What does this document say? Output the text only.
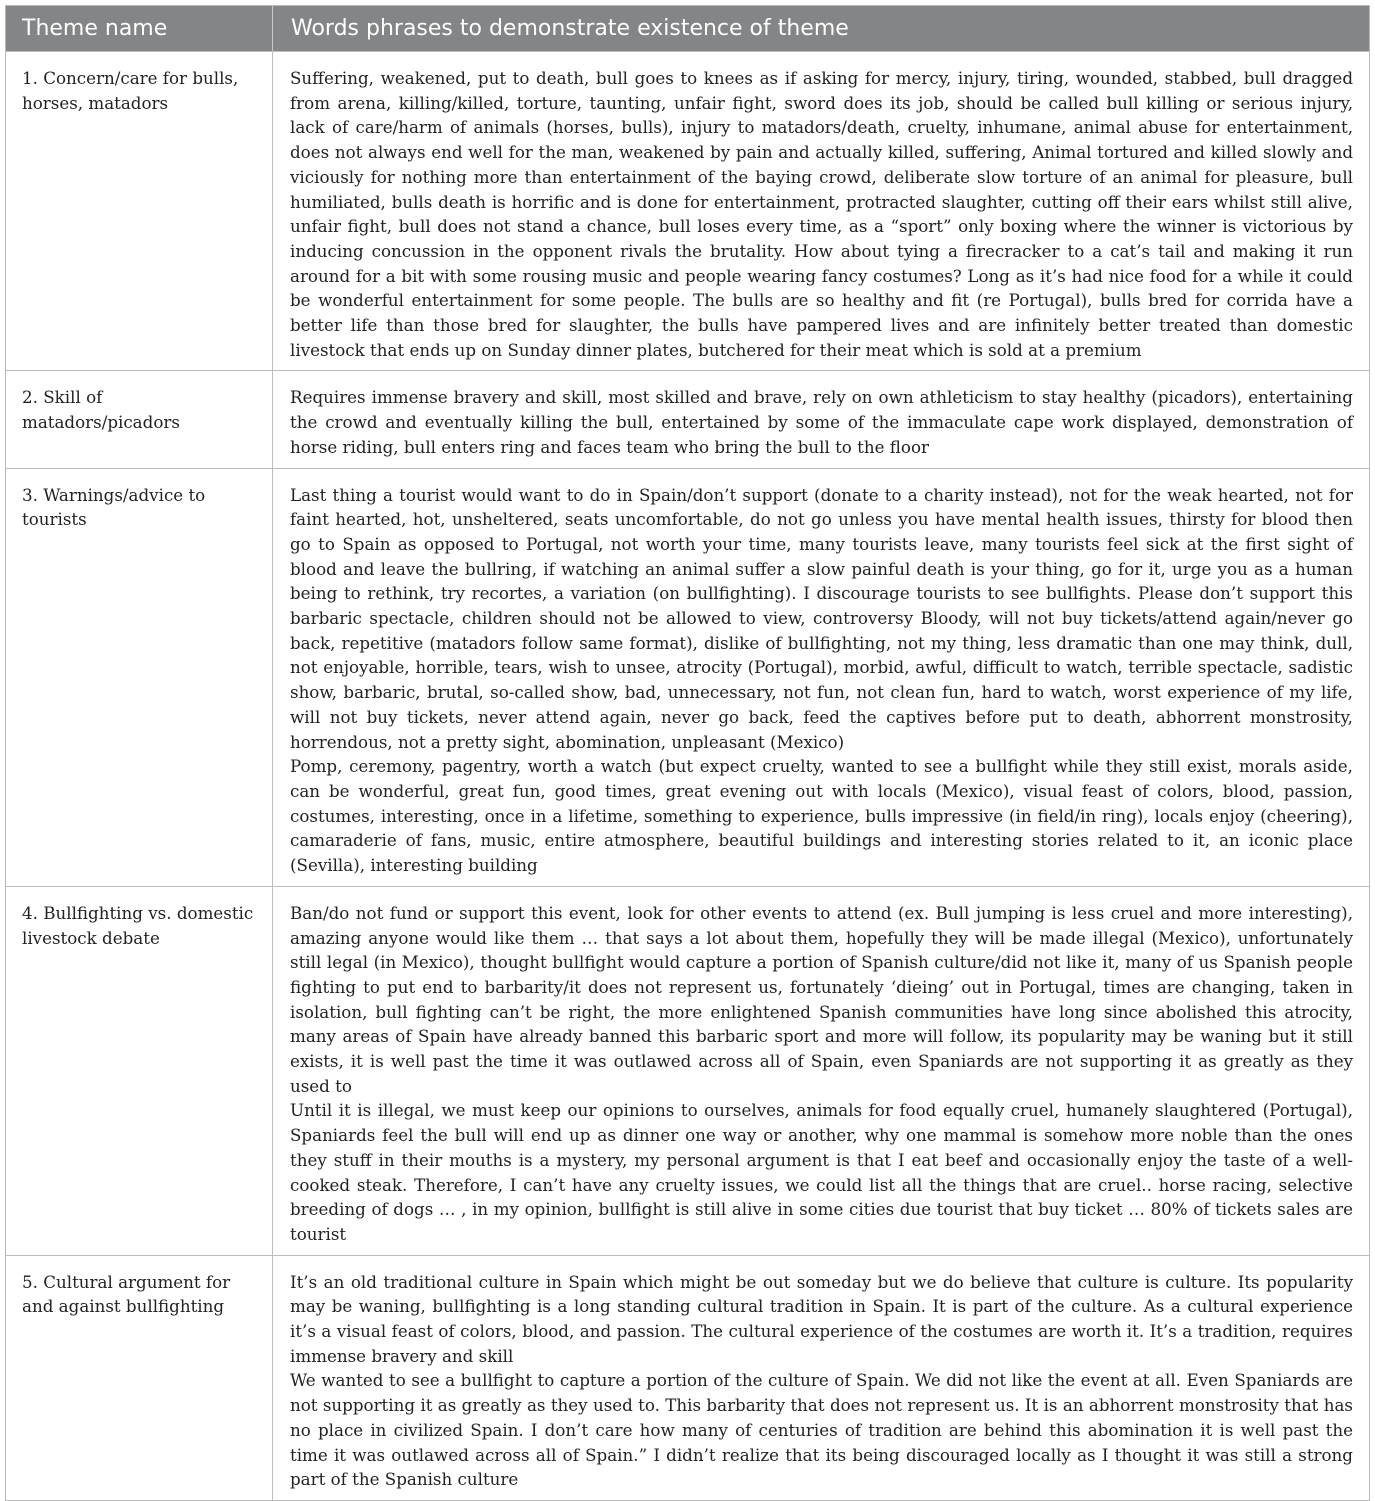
Theme name	Words phrases to demonstrate existence of theme
1. Concern/care for bulls, horses, matadors
Suffering, weakened, put to death, bull goes to knees as if asking for mercy, injury, tiring, wounded, stabbed, bull dragged from arena, killing/killed, torture, taunting, unfair fight, sword does its job, should be called bull killing or serious injury, lack of care/harm of animals (horses, bulls), injury to matadors/death, cruelty, inhumane, animal abuse for entertainment, does not always end well for the man, weakened by pain and actually killed, suffering, Animal tortured and killed slowly and viciously for nothing more than entertainment of the baying crowd, deliberate slow torture of an animal for pleasure, bull humiliated, bulls death is horrific and is done for entertainment, protracted slaughter, cutting off their ears whilst still alive, unfair fight, bull does not stand a chance, bull loses every time, as a “sport” only boxing where the winner is victorious by inducing concussion in the opponent rivals the brutality. How about tying a firecracker to a cat’s tail and making it run around for a bit with some rousing music and people wearing fancy costumes? Long as it’s had nice food for a while it could be wonderful entertainment for some people. The bulls are so healthy and fit (re Portugal), bulls bred for corrida have a better life than those bred for slaughter, the bulls have pampered lives and are infinitely better treated than domestic livestock that ends up on Sunday dinner plates, butchered for their meat which is sold at a premium
2. Skill of matadors/picadors
Requires immense bravery and skill, most skilled and brave, rely on own athleticism to stay healthy (picadors), entertaining the crowd and eventually killing the bull, entertained by some of the immaculate cape work displayed, demonstration of horse riding, bull enters ring and faces team who bring the bull to the floor
3. Warnings/advice to tourists
Last thing a tourist would want to do in Spain/don’t support (donate to a charity instead), not for the weak hearted, not for faint hearted, hot, unsheltered, seats uncomfortable, do not go unless you have mental health issues, thirsty for blood then go to Spain as opposed to Portugal, not worth your time, many tourists leave, many tourists feel sick at the first sight of blood and leave the bullring, if watching an animal suffer a slow painful death is your thing, go for it, urge you as a human being to rethink, try recortes, a variation (on bullfighting). I discourage tourists to see bullfights. Please don’t support this barbaric spectacle, children should not be allowed to view, controversy Bloody, will not buy tickets/attend again/never go back, repetitive (matadors follow same format), dislike of bullfighting, not my thing, less dramatic than one may think, dull, not enjoyable, horrible, tears, wish to unsee, atrocity (Portugal), morbid, awful, difficult to watch, terrible spectacle, sadistic show, barbaric, brutal, so-called show, bad, unnecessary, not fun, not clean fun, hard to watch, worst experience of my life, will not buy tickets, never attend again, never go back, feed the captives before put to death, abhorrent monstrosity, horrendous, not a pretty sight, abomination, unpleasant (Mexico)
Pomp, ceremony, pagentry, worth a watch (but expect cruelty, wanted to see a bullfight while they still exist, morals aside, can be wonderful, great fun, good times, great evening out with locals (Mexico), visual feast of colors, blood, passion, costumes, interesting, once in a lifetime, something to experience, bulls impressive (in field/in ring), locals enjoy (cheering), camaraderie of fans, music, entire atmosphere, beautiful buildings and interesting stories related to it, an iconic place (Sevilla), interesting building
4. Bullfighting vs. domestic livestock debate
Ban/do not fund or support this event, look for other events to attend (ex. Bull jumping is less cruel and more interesting), amazing anyone would like them … that says a lot about them, hopefully they will be made illegal (Mexico), unfortunately still legal (in Mexico), thought bullfight would capture a portion of Spanish culture/did not like it, many of us Spanish people fighting to put end to barbarity/it does not represent us, fortunately ‘dieing’ out in Portugal, times are changing, taken in isolation, bull fighting can’t be right, the more enlightened Spanish communities have long since abolished this atrocity, many areas of Spain have already banned this barbaric sport and more will follow, its popularity may be waning but it still exists, it is well past the time it was outlawed across all of Spain, even Spaniards are not supporting it as greatly as they used to
Until it is illegal, we must keep our opinions to ourselves, animals for food equally cruel, humanely slaughtered (Portugal), Spaniards feel the bull will end up as dinner one way or another, why one mammal is somehow more noble than the ones they stuff in their mouths is a mystery, my personal argument is that I eat beef and occasionally enjoy the taste of a well-cooked steak. Therefore, I can’t have any cruelty issues, we could list all the things that are cruel.. horse racing, selective breeding of dogs … , in my opinion, bullfight is still alive in some cities due tourist that buy ticket … 80% of tickets sales are tourist
5. Cultural argument for and against bullfighting
It’s an old traditional culture in Spain which might be out someday but we do believe that culture is culture. Its popularity may be waning, bullfighting is a long standing cultural tradition in Spain. It is part of the culture. As a cultural experience it’s a visual feast of colors, blood, and passion. The cultural experience of the costumes are worth it. It’s a tradition, requires immense bravery and skill
We wanted to see a bullfight to capture a portion of the culture of Spain. We did not like the event at all. Even Spaniards are not supporting it as greatly as they used to. This barbarity that does not represent us. It is an abhorrent monstrosity that has no place in civilized Spain. I don’t care how many of centuries of tradition are behind this abomination it is well past the time it was outlawed across all of Spain.” I didn’t realize that its being discouraged locally as I thought it was still a strong part of the Spanish culture
